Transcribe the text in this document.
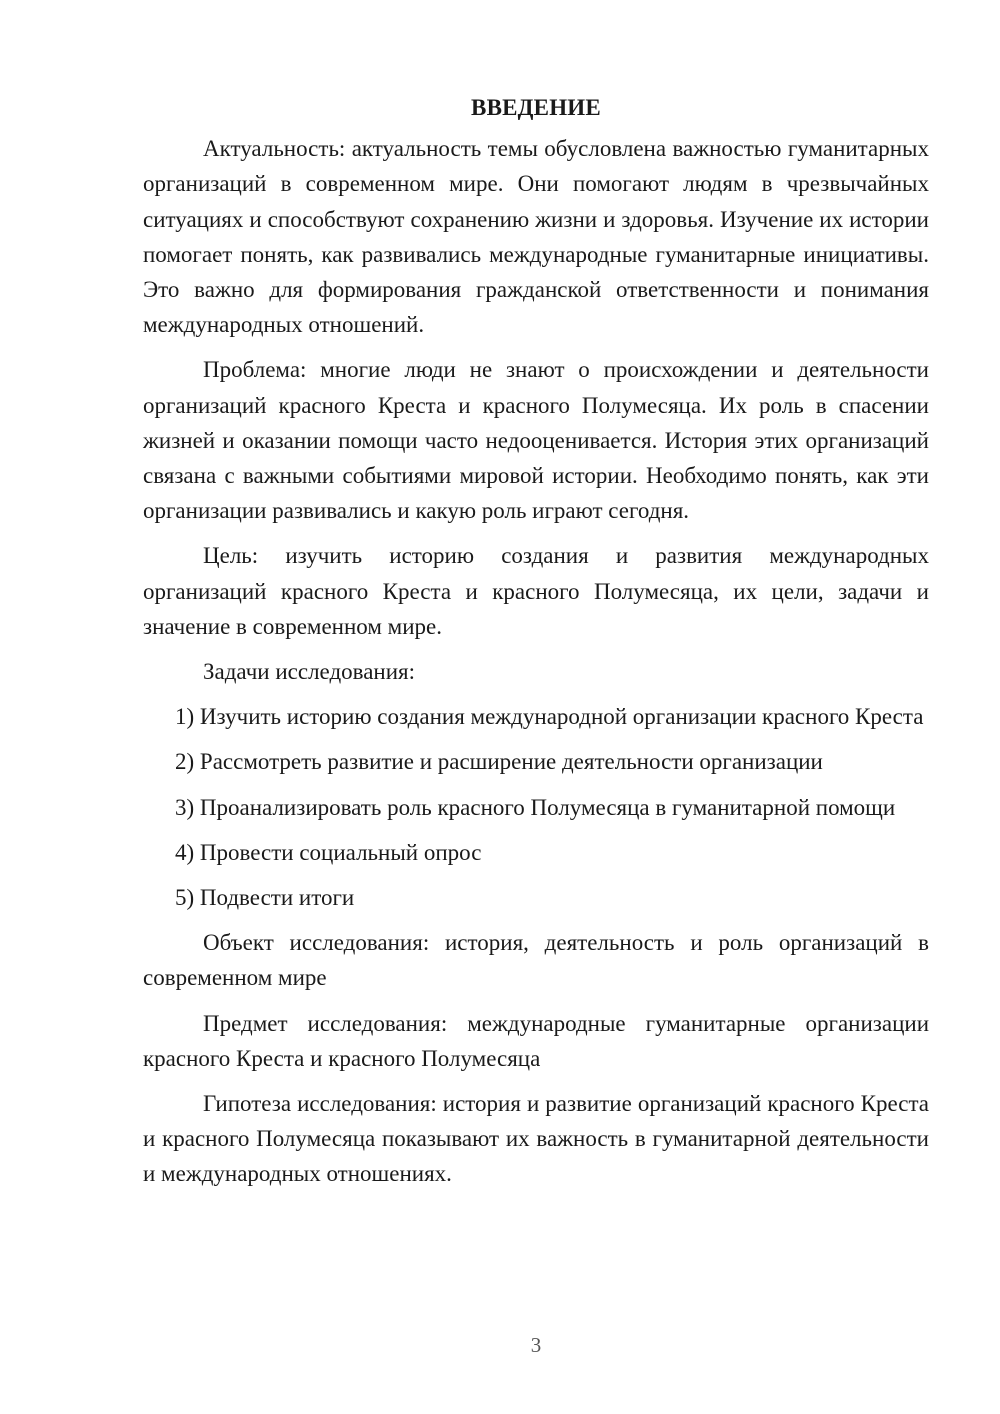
ВВЕДЕНИЕ

Актуальность: актуальность темы обусловлена важностью гуманитарных организаций в современном мире. Они помогают людям в чрезвычайных ситуациях и способствуют сохранению жизни и здоровья. Изучение их истории помогает понять, как развивались международные гуманитарные инициативы. Это важно для формирования гражданской ответственности и понимания международных отношений.

Проблема: многие люди не знают о происхождении и деятельности организаций красного Креста и красного Полумесяца. Их роль в спасении жизней и оказании помощи часто недооценивается. История этих организаций связана с важными событиями мировой истории. Необходимо понять, как эти организации развивались и какую роль играют сегодня.

Цель: изучить историю создания и развития международных организаций красного Креста и красного Полумесяца, их цели, задачи и значение в современном мире.

Задачи исследования:

1) Изучить историю создания международной организации красного Креста

2) Рассмотреть развитие и расширение деятельности организации

3) Проанализировать роль красного Полумесяца в гуманитарной помощи

4) Провести социальный опрос

5) Подвести итоги

Объект исследования: история, деятельность и роль организаций в современном мире

Предмет исследования: международные гуманитарные организации красного Креста и красного Полумесяца

Гипотеза исследования: история и развитие организаций красного Креста и красного Полумесяца показывают их важность в гуманитарной деятельности и международных отношениях.

3
